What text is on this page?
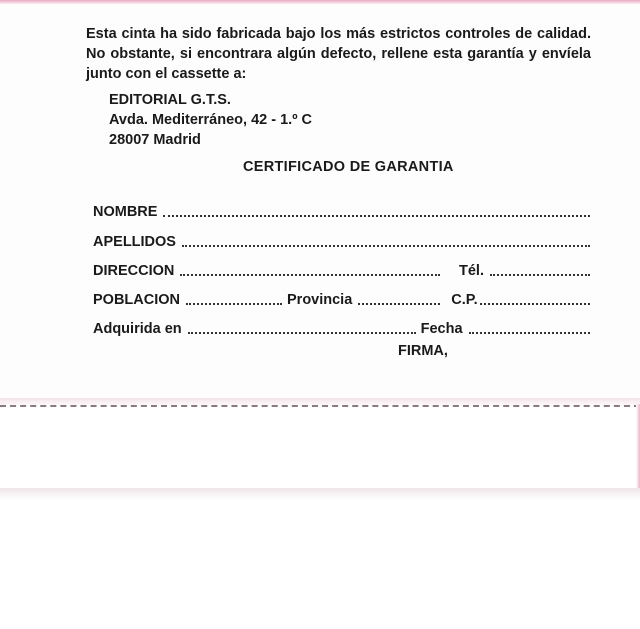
Esta cinta ha sido fabricada bajo los más estrictos controles de calidad. No obstante, si encontrara algún defecto, rellene esta garantía y envíela junto con el cassette a:

EDITORIAL G.T.S.
Avda. Mediterráneo, 42 - 1.º C
28007 Madrid
CERTIFICADO DE GARANTIA
NOMBRE
APELLIDOS
DIRECCION	Tél.
POBLACION	Provincia	C.P.
Adquirida en	Fecha
FIRMA,
